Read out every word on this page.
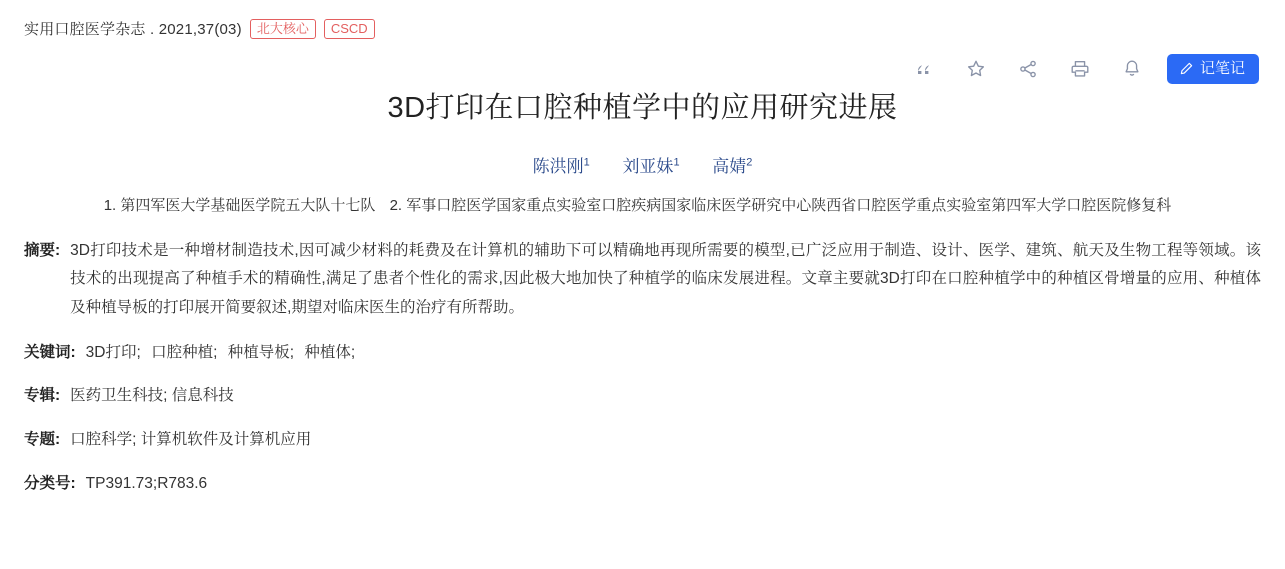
实用口腔医学杂志 . 2021,37(03)	北大核心	CSCD
记笔记
3D打印在口腔种植学中的应用研究进展
陈洪刚$^1$ 刘亚妹$^1$ 高婧$^2$
1. 第四军医大学基础医学院五大队十七队 2. 军事口腔医学国家重点实验室口腔疾病国家临床医学研究中心陕西省口腔医学重点实验室第四军大学口腔医院修复科
摘要: 3D打印技术是一种增材制造技术,因可减少材料的耗费及在计算机的辅助下可以精确地再现所需要的模型,已广泛应用于制造、设计、医学、建筑、航天及生物工程等领域。该技术的出现提高了种植手术的精确性,满足了患者个性化的需求,因此极大地加快了种植学的临床发展进程。文章主要就3D打印在口腔种植学中的种植区骨增量的应用、种植体及种植导板的打印展开简要叙述,期望对临床医生的治疗有所帮助。
关键词: 3D打印; 口腔种植; 种植导板; 种植体;
专辑: 医药卫生科技; 信息科技
专题: 口腔科学; 计算机软件及计算机应用
分类号: TP391.73;R783.6
